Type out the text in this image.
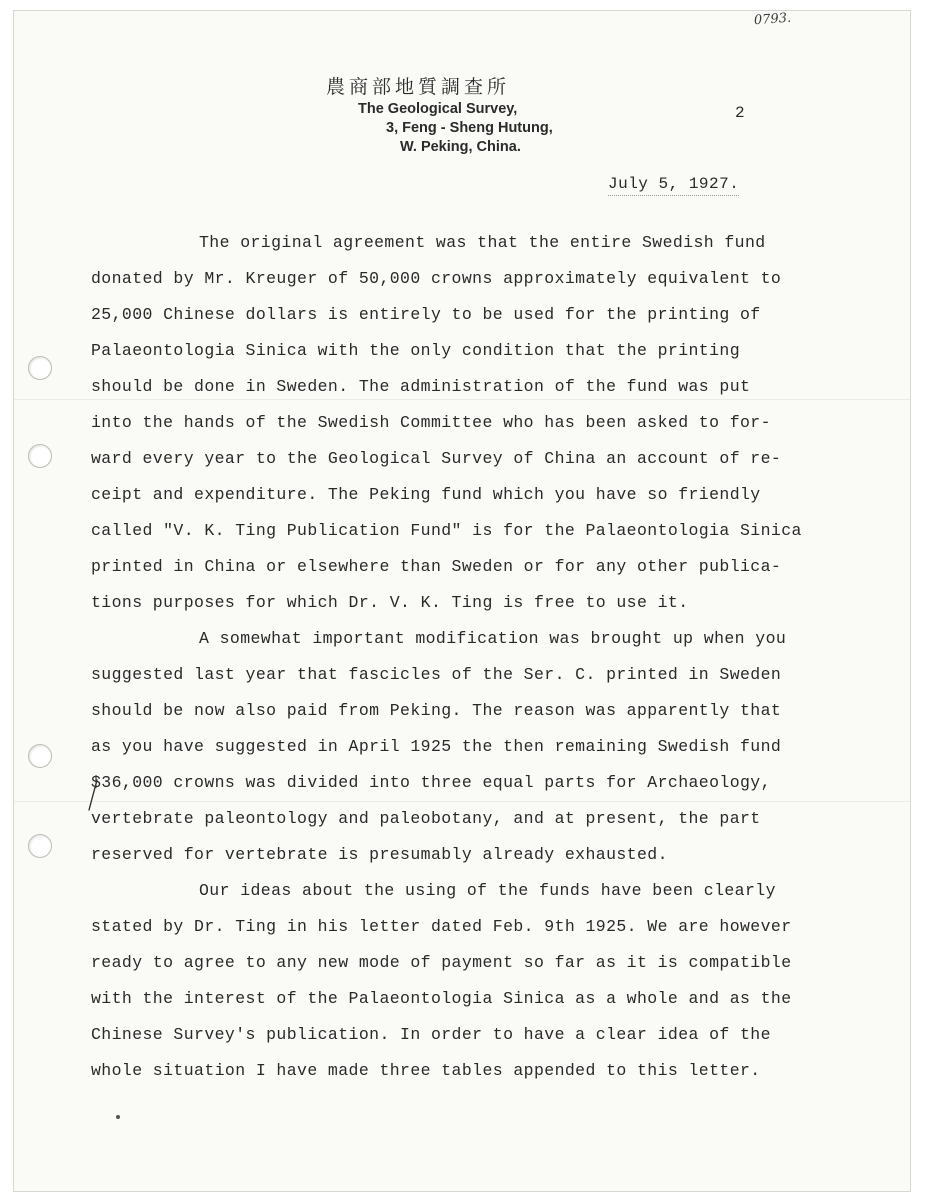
0793.
農商部地質調查所
The Geological Survey,
3, Feng - Sheng Hutung,
W. Peking, China.
2
July 5, 1927.

The original agreement was that the entire Swedish fund
donated by Mr. Kreuger of 50,000 crowns approximately equivalent to
25,000 Chinese dollars is entirely to be used for the printing of
Palaeontologia Sinica with the only condition that the printing
should be done in Sweden. The administration of the fund was put
into the hands of the Swedish Committee who has been asked to for-
ward every year to the Geological Survey of China an account of re-
ceipt and expenditure. The Peking fund which you have so friendly
called "V. K. Ting Publication Fund" is for the Palaeontologia Sinica
printed in China or elsewhere than Sweden or for any other publica-
tions purposes for which Dr. V. K. Ting is free to use it.

A somewhat important modification was brought up when you
suggested last year that fascicles of the Ser. C. printed in Sweden
should be now also paid from Peking. The reason was apparently that
as you have suggested in April 1925 the then remaining Swedish fund
$36,000 crowns was divided into three equal parts for Archaeology,
vertebrate paleontology and paleobotany, and at present, the part
reserved for vertebrate is presumably already exhausted.

Our ideas about the using of the funds have been clearly
stated by Dr. Ting in his letter dated Feb. 9th 1925. We are however
ready to agree to any new mode of payment so far as it is compatible
with the interest of the Palaeontologia Sinica as a whole and as the
Chinese Survey's publication. In order to have a clear idea of the
whole situation I have made three tables appended to this letter.
